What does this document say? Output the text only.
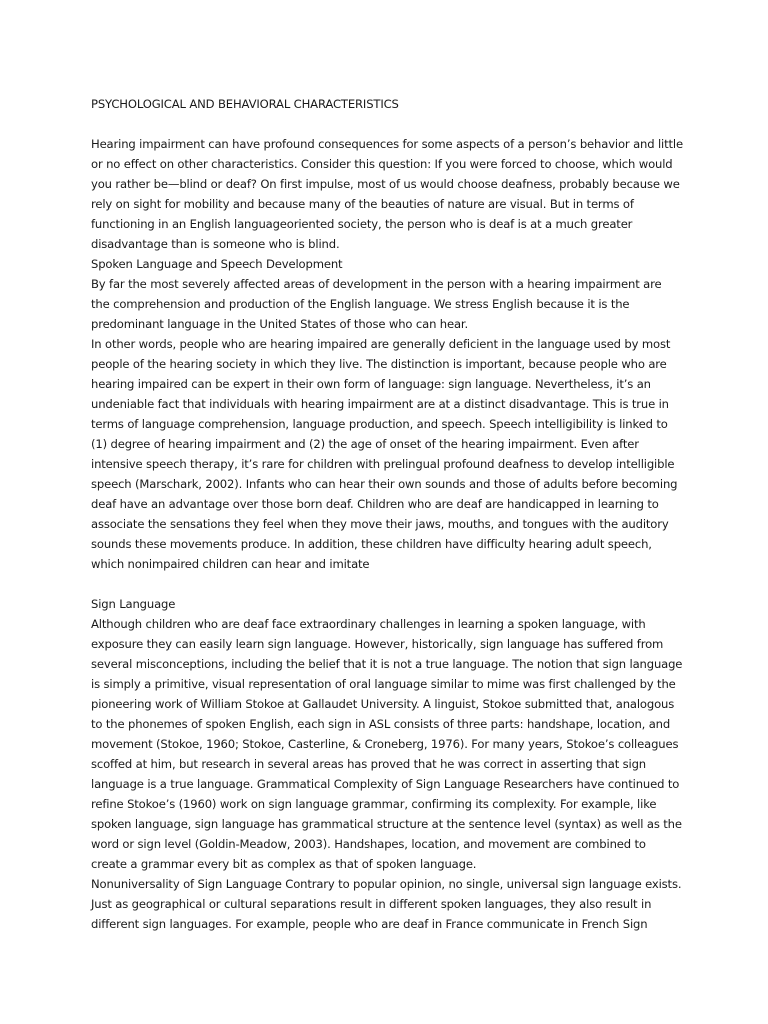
PSYCHOLOGICAL AND BEHAVIORAL CHARACTERISTICS

Hearing impairment can have profound consequences for some aspects of a person’s behavior and little or no effect on other characteristics. Consider this question: If you were forced to choose, which would you rather be—blind or deaf? On first impulse, most of us would choose deafness, probably because we rely on sight for mobility and because many of the beauties of nature are visual. But in terms of functioning in an English languageoriented society, the person who is deaf is at a much greater disadvantage than is someone who is blind.

Spoken Language and Speech Development

By far the most severely affected areas of development in the person with a hearing impairment are the comprehension and production of the English language. We stress English because it is the predominant language in the United States of those who can hear.

In other words, people who are hearing impaired are generally deficient in the language used by most people of the hearing society in which they live. The distinction is important, because people who are hearing impaired can be expert in their own form of language: sign language. Nevertheless, it’s an undeniable fact that individuals with hearing impairment are at a distinct disadvantage. This is true in terms of language comprehension, language production, and speech. Speech intelligibility is linked to (1) degree of hearing impairment and (2) the age of onset of the hearing impairment. Even after intensive speech therapy, it’s rare for children with prelingual profound deafness to develop intelligible speech (Marschark, 2002). Infants who can hear their own sounds and those of adults before becoming deaf have an advantage over those born deaf. Children who are deaf are handicapped in learning to associate the sensations they feel when they move their jaws, mouths, and tongues with the auditory sounds these movements produce. In addition, these children have difficulty hearing adult speech, which nonimpaired children can hear and imitate

Sign Language

Although children who are deaf face extraordinary challenges in learning a spoken language, with exposure they can easily learn sign language. However, historically, sign language has suffered from several misconceptions, including the belief that it is not a true language. The notion that sign language is simply a primitive, visual representation of oral language similar to mime was first challenged by the pioneering work of William Stokoe at Gallaudet University. A linguist, Stokoe submitted that, analogous to the phonemes of spoken English, each sign in ASL consists of three parts: handshape, location, and movement (Stokoe, 1960; Stokoe, Casterline, & Croneberg, 1976). For many years, Stokoe’s colleagues scoffed at him, but research in several areas has proved that he was correct in asserting that sign language is a true language. Grammatical Complexity of Sign Language Researchers have continued to refine Stokoe’s (1960) work on sign language grammar, confirming its complexity. For example, like spoken language, sign language has grammatical structure at the sentence level (syntax) as well as the word or sign level (Goldin-Meadow, 2003). Handshapes, location, and movement are combined to create a grammar every bit as complex as that of spoken language.

Nonuniversality of Sign Language Contrary to popular opinion, no single, universal sign language exists. Just as geographical or cultural separations result in different spoken languages, they also result in different sign languages. For example, people who are deaf in France communicate in French Sign
